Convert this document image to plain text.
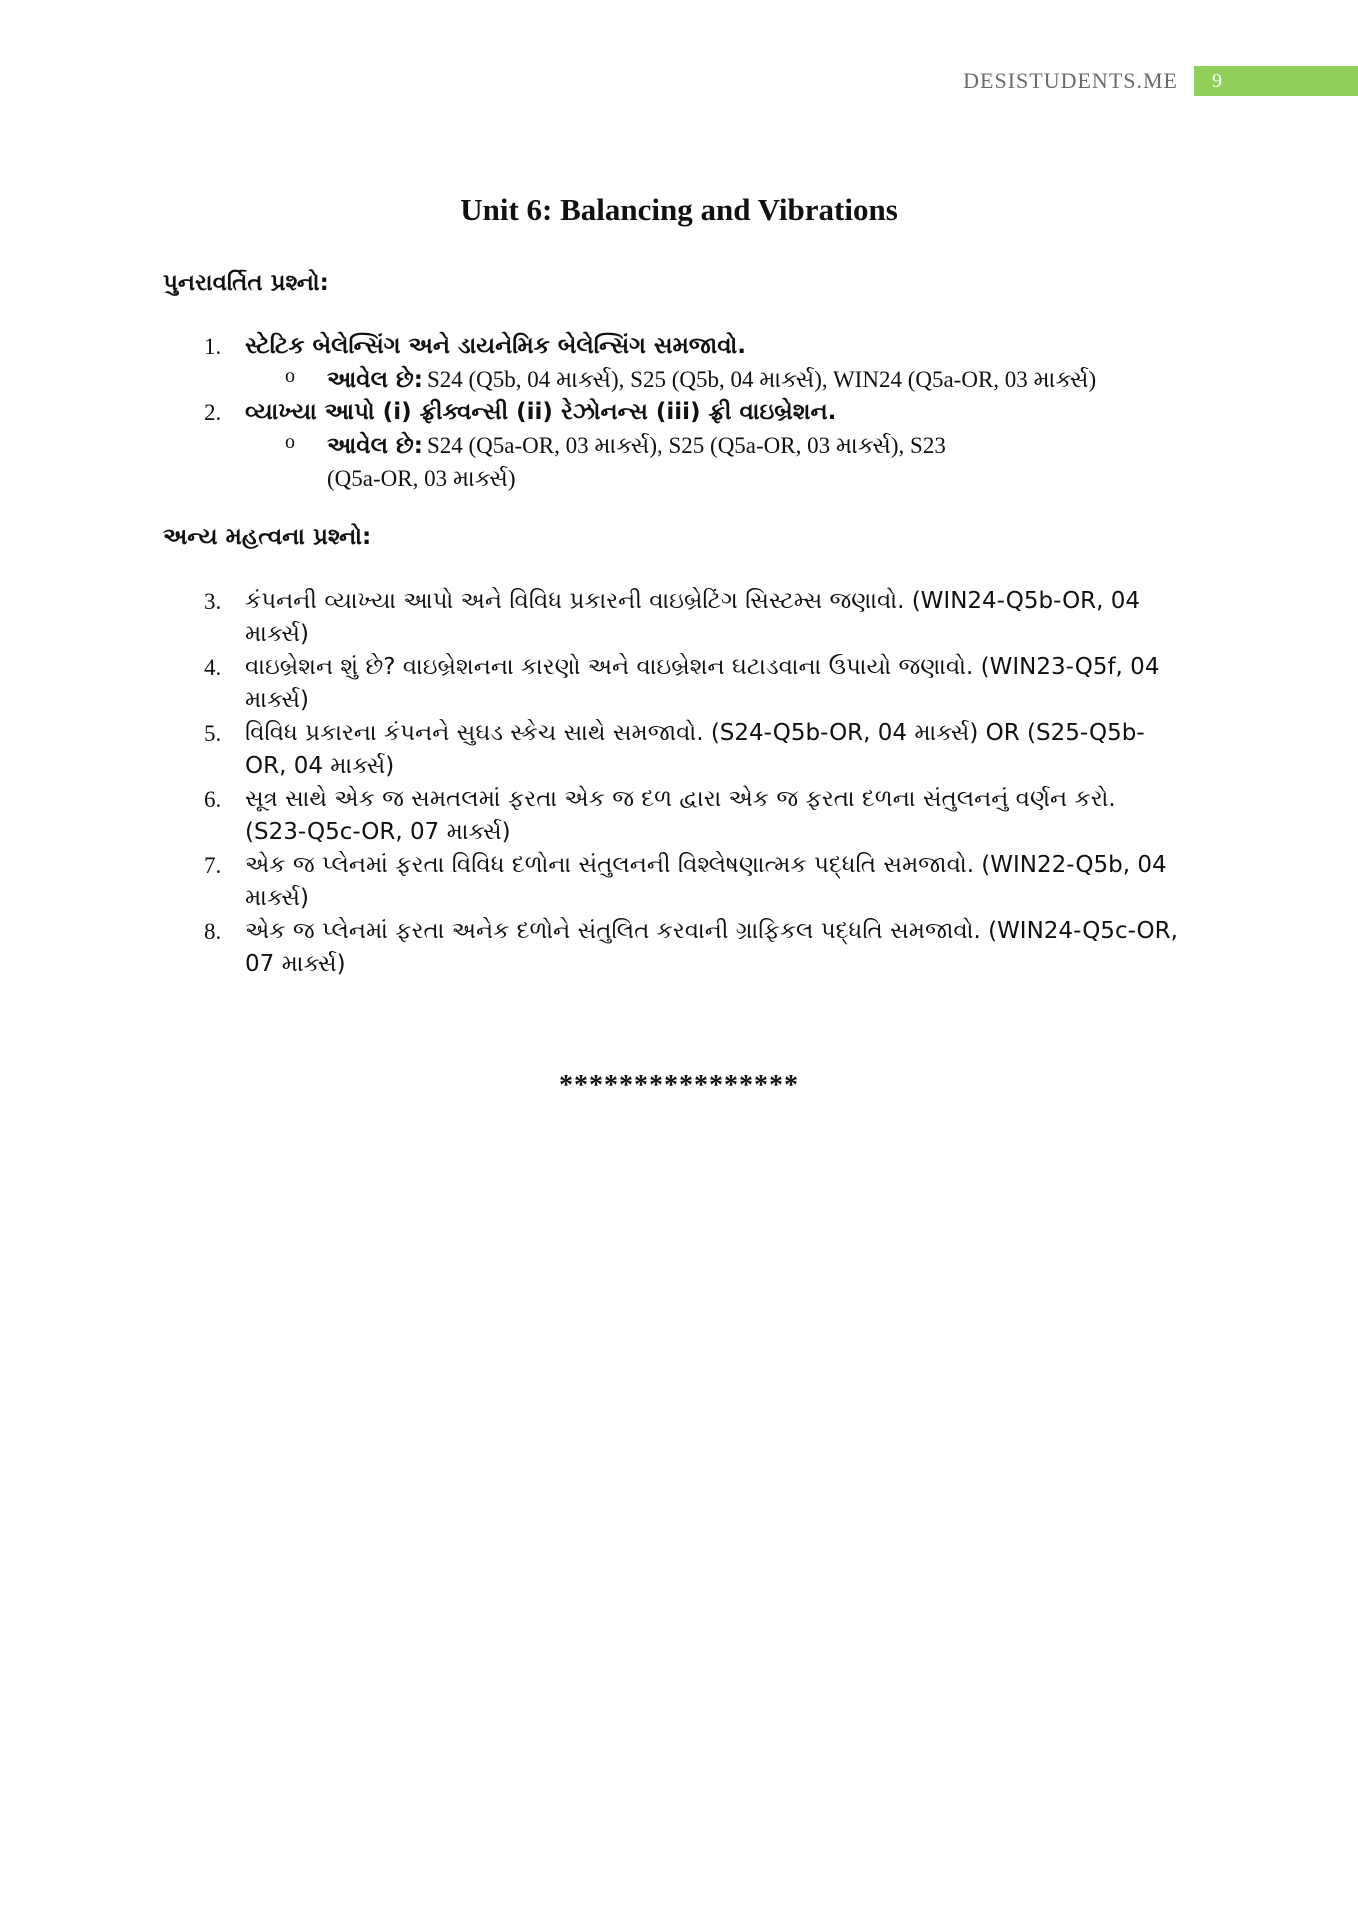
DESISTUDENTS.ME	9
Unit 6: Balancing and Vibrations
પુનરાવર્તિત પ્રશ્નો:
1.	સ્ટેટિક બેલેન્સિંગ અને ડાયનેમિક બેલેન્સિંગ સમજાવો.
o આવેલ છે: S24 (Q5b, 04 માર્ક્સ), S25 (Q5b, 04 માર્ક્સ), WIN24 (Q5a-OR, 03 માર્ક્સ)
2.	વ્યાખ્યા આપો (i) ફ્રીક્વન્સી (ii) રેઝોનન્સ (iii) ફ્રી વાઇબ્રેશન.
o આવેલ છે: S24 (Q5a-OR, 03 માર્ક્સ), S25 (Q5a-OR, 03 માર્ક્સ), S23 (Q5a-OR, 03 માર્ક્સ)
અન્ય મહત્વના પ્રશ્નો:
3.	કંપનની વ્યાખ્યા આપો અને વિવિધ પ્રકારની વાઇબ્રેટિંગ સિસ્ટમ્સ જણાવો. (WIN24-Q5b-OR, 04 માર્ક્સ)
4.	વાઇબ્રેશન શું છે? વાઇબ્રેશનના કારણો અને વાઇબ્રેશન ઘટાડવાના ઉપાયો જણાવો. (WIN23-Q5f, 04 માર્ક્સ)
5.	વિવિધ પ્રકારના કંપનને સુઘડ સ્કેચ સાથે સમજાવો. (S24-Q5b-OR, 04 માર્ક્સ) OR (S25-Q5b-OR, 04 માર્ક્સ)
6.	સૂત્ર સાથે એક જ સમતલમાં ફરતા એક જ દળ દ્વારા એક જ ફરતા દળના સંતુલનનું વર્ણન કરો. (S23-Q5c-OR, 07 માર્ક્સ)
7.	એક જ પ્લેનમાં ફરતા વિવિધ દળોના સંતુલનની વિશ્લેષણાત્મક પદ્ધતિ સમજાવો. (WIN22-Q5b, 04 માર્ક્સ)
8.	એક જ પ્લેનમાં ફરતા અનેક દળોને સંતુલિત કરવાની ગ્રાફિકલ પદ્ધતિ સમજાવો. (WIN24-Q5c-OR, 07 માર્ક્સ)
****************
